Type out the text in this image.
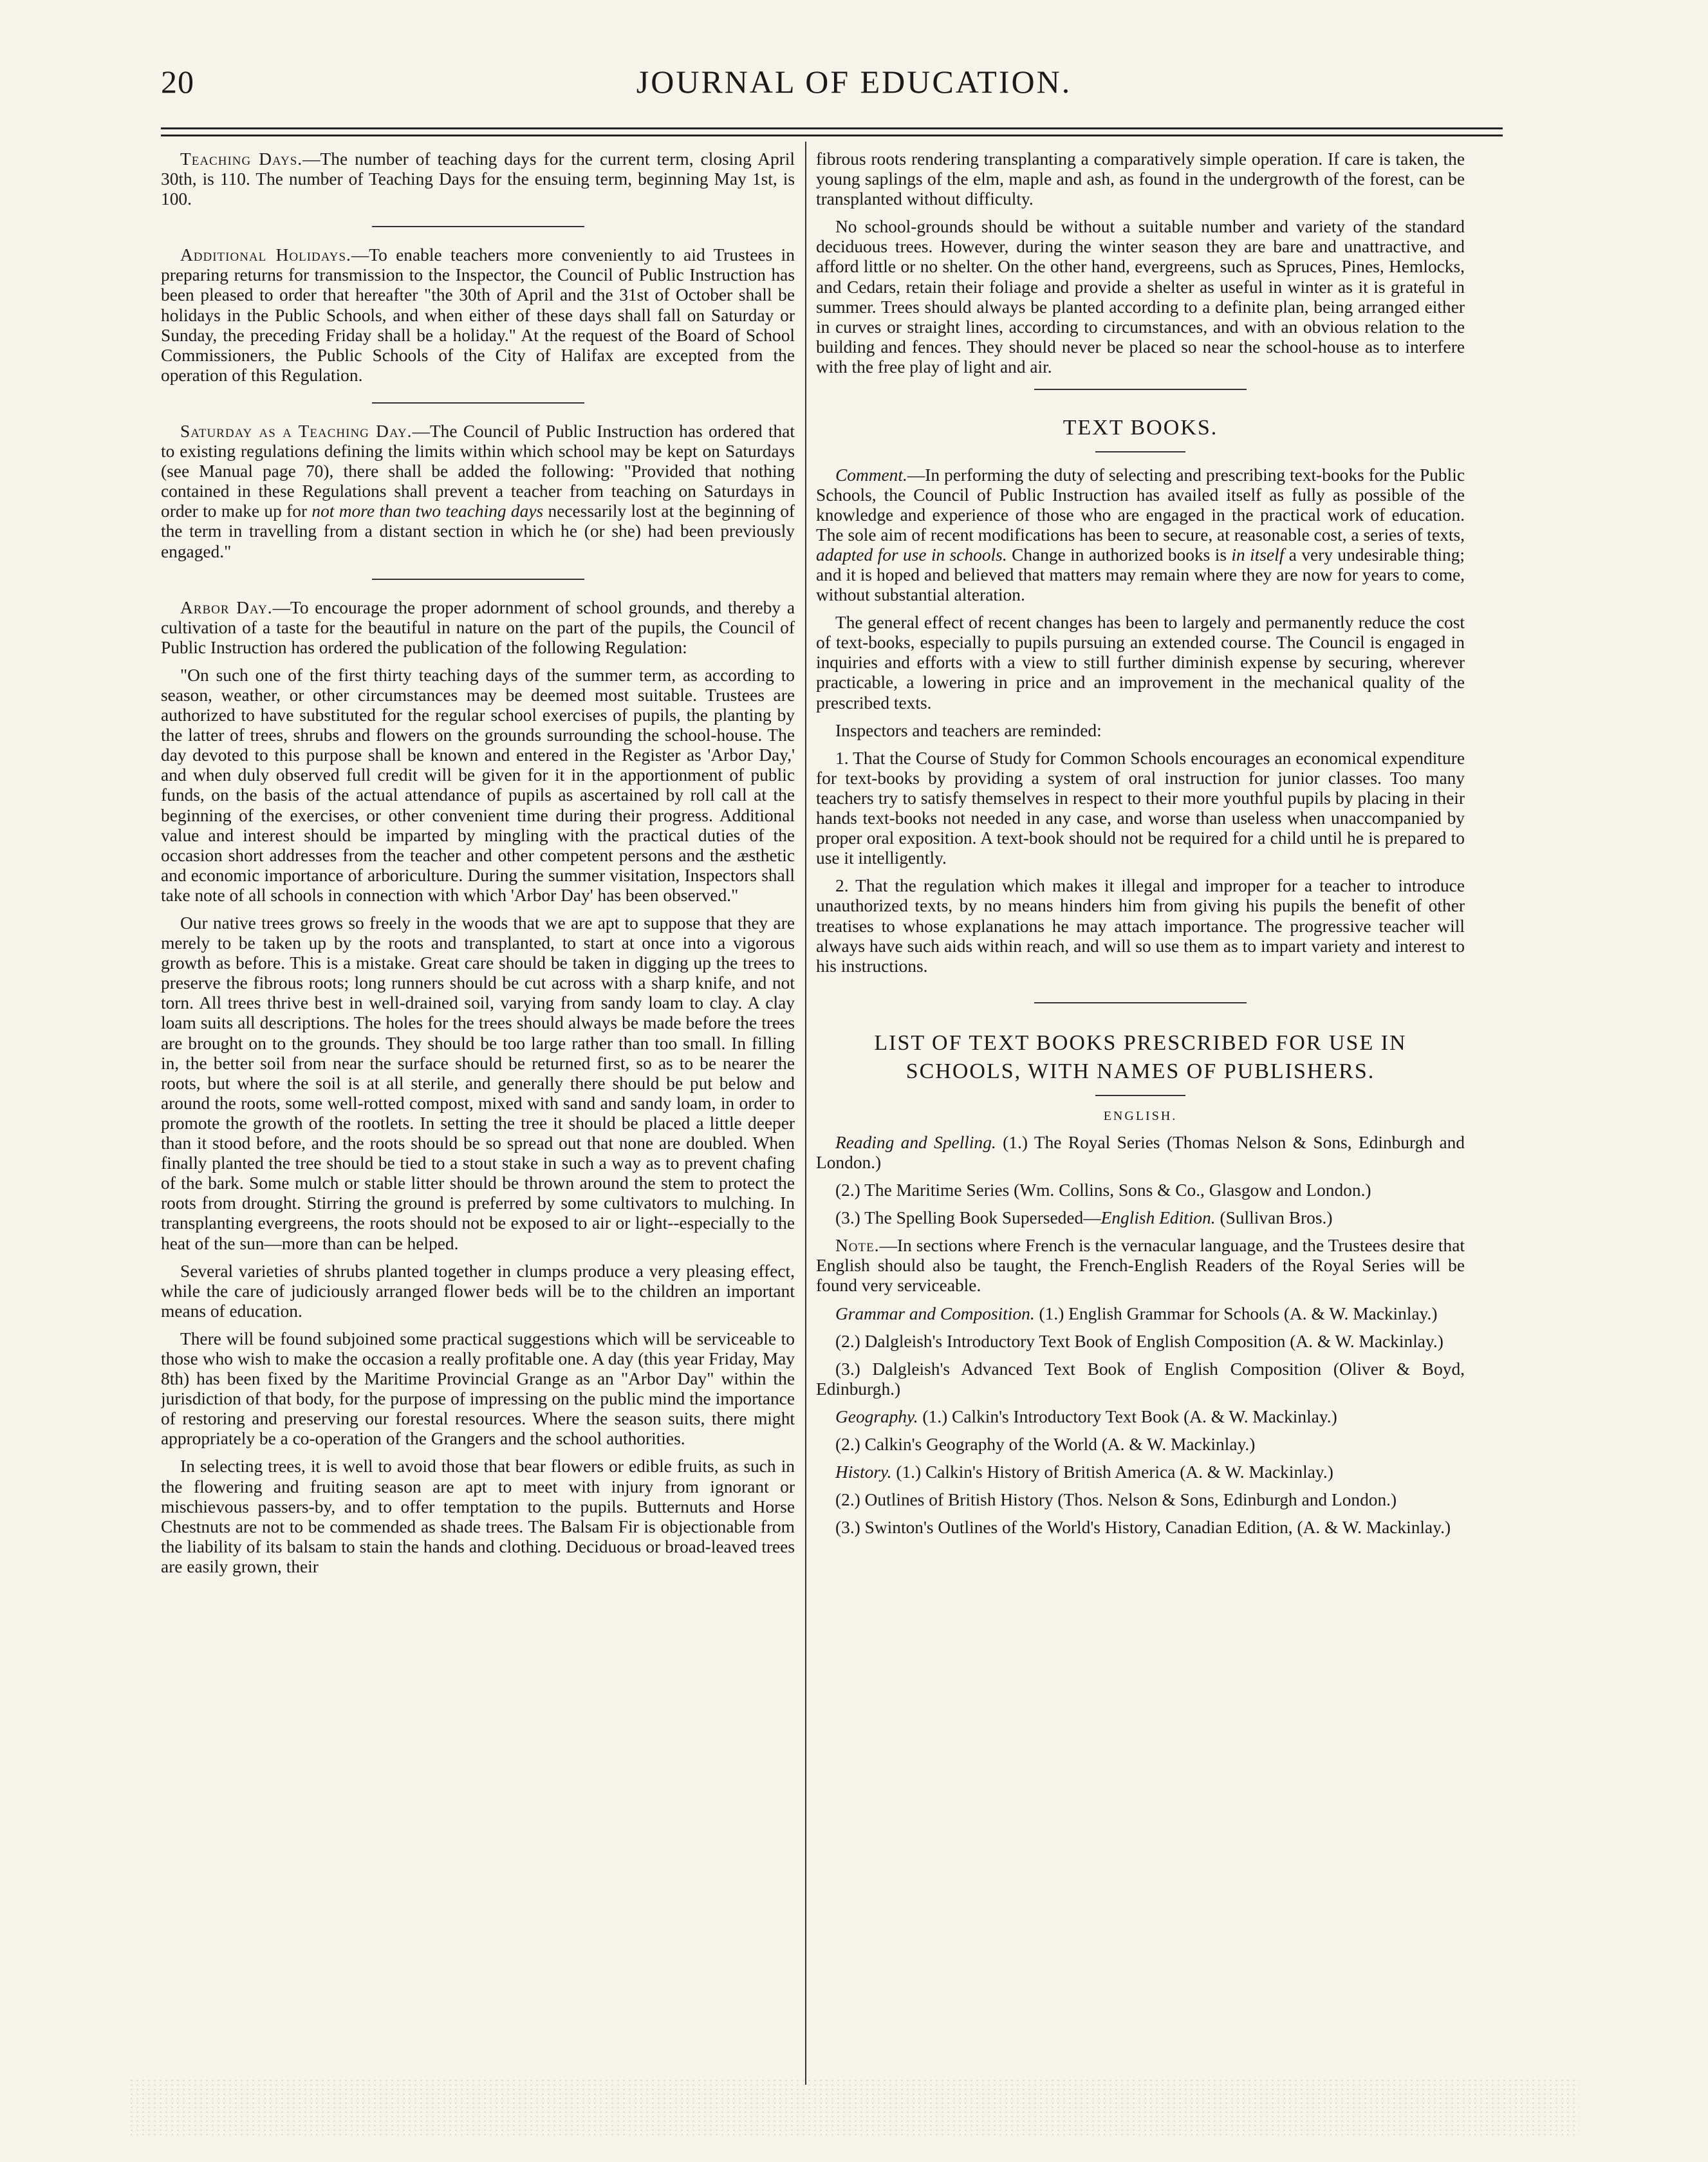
20	JOURNAL OF EDUCATION.

Teaching Days.—The number of teaching days for the current term, closing April 30th, is 110. The number of Teaching Days for the ensuing term, beginning May 1st, is 100.

Additional Holidays.—To enable teachers more conveniently to aid Trustees in preparing returns for transmission to the Inspector, the Council of Public Instruction has been pleased to order that hereafter "the 30th of April and the 31st of October shall be holidays in the Public Schools, and when either of these days shall fall on Saturday or Sunday, the preceding Friday shall be a holiday." At the request of the Board of School Commissioners, the Public Schools of the City of Halifax are excepted from the operation of this Regulation.

Saturday as a Teaching Day.—The Council of Public Instruction has ordered that to existing regulations defining the limits within which school may be kept on Saturdays (see Manual page 70), there shall be added the following: "Provided that nothing contained in these Regulations shall prevent a teacher from teaching on Saturdays in order to make up for not more than two teaching days necessarily lost at the beginning of the term in travelling from a distant section in which he (or she) had been previously engaged."

Arbor Day.—To encourage the proper adornment of school grounds, and thereby a cultivation of a taste for the beautiful in nature on the part of the pupils, the Council of Public Instruction has ordered the publication of the following Regulation:

"On such one of the first thirty teaching days of the summer term, as according to season, weather, or other circumstances may be deemed most suitable. Trustees are authorized to have substituted for the regular school exercises of pupils, the planting by the latter of trees, shrubs and flowers on the grounds surrounding the school-house. The day devoted to this purpose shall be known and entered in the Register as 'Arbor Day,' and when duly observed full credit will be given for it in the apportionment of public funds, on the basis of the actual attendance of pupils as ascertained by roll call at the beginning of the exercises, or other convenient time during their progress. Additional value and interest should be imparted by mingling with the practical duties of the occasion short addresses from the teacher and other competent persons and the æsthetic and economic importance of arboriculture. During the summer visitation, Inspectors shall take note of all schools in connection with which 'Arbor Day' has been observed."

Our native trees grows so freely in the woods that we are apt to suppose that they are merely to be taken up by the roots and transplanted, to start at once into a vigorous growth as before. This is a mistake. Great care should be taken in digging up the trees to preserve the fibrous roots; long runners should be cut across with a sharp knife, and not torn. All trees thrive best in well-drained soil, varying from sandy loam to clay. A clay loam suits all descriptions. The holes for the trees should always be made before the trees are brought on to the grounds. They should be too large rather than too small. In filling in, the better soil from near the surface should be returned first, so as to be nearer the roots, but where the soil is at all sterile, and generally there should be put below and around the roots, some well-rotted compost, mixed with sand and sandy loam, in order to promote the growth of the rootlets. In setting the tree it should be placed a little deeper than it stood before, and the roots should be so spread out that none are doubled. When finally planted the tree should be tied to a stout stake in such a way as to prevent chafing of the bark. Some mulch or stable litter should be thrown around the stem to protect the roots from drought. Stirring the ground is preferred by some cultivators to mulching. In transplanting evergreens, the roots should not be exposed to air or light--especially to the heat of the sun—more than can be helped.

Several varieties of shrubs planted together in clumps produce a very pleasing effect, while the care of judiciously arranged flower beds will be to the children an important means of education.

There will be found subjoined some practical suggestions which will be serviceable to those who wish to make the occasion a really profitable one. A day (this year Friday, May 8th) has been fixed by the Maritime Provincial Grange as an "Arbor Day" within the jurisdiction of that body, for the purpose of impressing on the public mind the importance of restoring and preserving our forestal resources. Where the season suits, there might appropriately be a co-operation of the Grangers and the school authorities.

In selecting trees, it is well to avoid those that bear flowers or edible fruits, as such in the flowering and fruiting season are apt to meet with injury from ignorant or mischievous passers-by, and to offer temptation to the pupils. Butternuts and Horse Chestnuts are not to be commended as shade trees. The Balsam Fir is objectionable from the liability of its balsam to stain the hands and clothing. Deciduous or broad-leaved trees are easily grown, their

fibrous roots rendering transplanting a comparatively simple operation. If care is taken, the young saplings of the elm, maple and ash, as found in the undergrowth of the forest, can be transplanted without difficulty.

No school-grounds should be without a suitable number and variety of the standard deciduous trees. However, during the winter season they are bare and unattractive, and afford little or no shelter. On the other hand, evergreens, such as Spruces, Pines, Hemlocks, and Cedars, retain their foliage and provide a shelter as useful in winter as it is grateful in summer. Trees should always be planted according to a definite plan, being arranged either in curves or straight lines, according to circumstances, and with an obvious relation to the building and fences. They should never be placed so near the school-house as to interfere with the free play of light and air.

TEXT BOOKS.

Comment.—In performing the duty of selecting and prescribing text-books for the Public Schools, the Council of Public Instruction has availed itself as fully as possible of the knowledge and experience of those who are engaged in the practical work of education. The sole aim of recent modifications has been to secure, at reasonable cost, a series of texts, adapted for use in schools. Change in authorized books is in itself a very undesirable thing; and it is hoped and believed that matters may remain where they are now for years to come, without substantial alteration.

The general effect of recent changes has been to largely and permanently reduce the cost of text-books, especially to pupils pursuing an extended course. The Council is engaged in inquiries and efforts with a view to still further diminish expense by securing, wherever practicable, a lowering in price and an improvement in the mechanical quality of the prescribed texts.

Inspectors and teachers are reminded:

1. That the Course of Study for Common Schools encourages an economical expenditure for text-books by providing a system of oral instruction for junior classes. Too many teachers try to satisfy themselves in respect to their more youthful pupils by placing in their hands text-books not needed in any case, and worse than useless when unaccompanied by proper oral exposition. A text-book should not be required for a child until he is prepared to use it intelligently.

2. That the regulation which makes it illegal and improper for a teacher to introduce unauthorized texts, by no means hinders him from giving his pupils the benefit of other treatises to whose explanations he may attach importance. The progressive teacher will always have such aids within reach, and will so use them as to impart variety and interest to his instructions.

LIST OF TEXT BOOKS PRESCRIBED FOR USE IN
SCHOOLS, WITH NAMES OF PUBLISHERS.
ENGLISH.

Reading and Spelling. (1.) The Royal Series (Thomas Nelson & Sons, Edinburgh and London.)

(2.) The Maritime Series (Wm. Collins, Sons & Co., Glasgow and London.)

(3.) The Spelling Book Superseded—English Edition. (Sullivan Bros.)

Note.—In sections where French is the vernacular language, and the Trustees desire that English should also be taught, the French-English Readers of the Royal Series will be found very serviceable.

Grammar and Composition. (1.) English Grammar for Schools (A. & W. Mackinlay.)

(2.) Dalgleish's Introductory Text Book of English Composition (A. & W. Mackinlay.)

(3.) Dalgleish's Advanced Text Book of English Composition (Oliver & Boyd, Edinburgh.)

Geography. (1.) Calkin's Introductory Text Book (A. & W. Mackinlay.)

(2.) Calkin's Geography of the World (A. & W. Mackinlay.)

History. (1.) Calkin's History of British America (A. & W. Mackinlay.)

(2.) Outlines of British History (Thos. Nelson & Sons, Edinburgh and London.)

(3.) Swinton's Outlines of the World's History, Canadian Edition, (A. & W. Mackinlay.)
